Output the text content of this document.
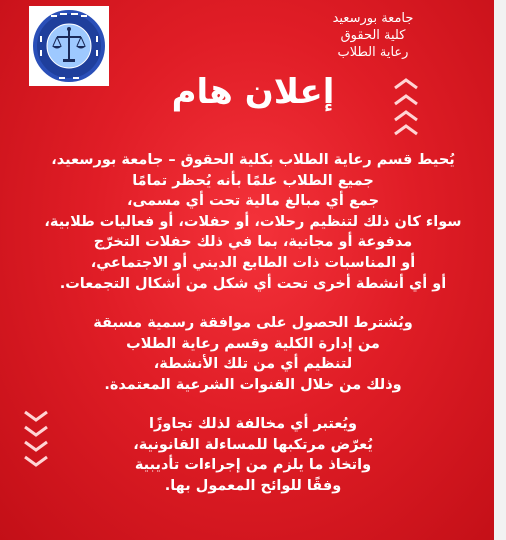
جامعة بورسعيد
كلية الحقوق
رعاية الطلاب
إعلان هام
يُحيط قسم رعاية الطلاب بكلية الحقوق – جامعة بورسعيد،
جميع الطلاب علمًا بأنه يُحظر تمامًا
جمع أي مبالغ مالية تحت أي مسمى،
سواء كان ذلك لتنظيم رحلات، أو حفلات، أو فعاليات طلابية،
مدفوعة أو مجانية، بما في ذلك حفلات التخرّج
أو المناسبات ذات الطابع الديني أو الاجتماعي،
أو أي أنشطة أخرى تحت أي شكل من أشكال التجمعات.
ويُشترط الحصول على موافقة رسمية مسبقة
من إدارة الكلية وقسم رعاية الطلاب
لتنظيم أي من تلك الأنشطة،
وذلك من خلال القنوات الشرعية المعتمدة.
ويُعتبر أي مخالفة لذلك تجاوزًا
يُعرّض مرتكبها للمساءلة القانونية،
واتخاذ ما يلزم من إجراءات تأديبية
وفقًا للوائح المعمول بها.
